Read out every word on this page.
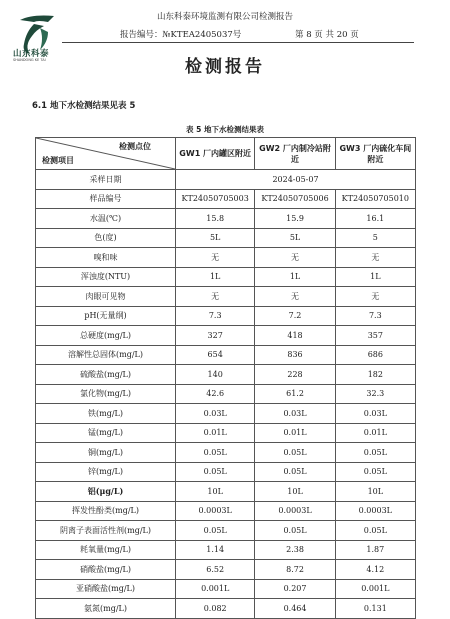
山东科泰
SHANDONG KE TAI
山东科泰环境监测有限公司检测报告
报告编号：№KTEA2405037号	第 8 页 共 20 页
检测报告
6.1 地下水检测结果见表 5
表 5 地下水检测结果表
检测点位
检测项目	GW1 厂内罐区附近	GW2 厂内制冷站附近	GW3 厂内硫化车间附近
采样日期	2024-05-07		
样品编号	KT24050705003	KT24050705006	KT24050705010
水温(℃)	15.8	15.9	16.1
色(度)	5L	5L	5
嗅和味	无	无	无
浑浊度(NTU)	1L	1L	1L
肉眼可见物	无	无	无
pH(无量纲)	7.3	7.2	7.3
总硬度(mg/L)	327	418	357
溶解性总固体(mg/L)	654	836	686
硫酸盐(mg/L)	140	228	182
氯化物(mg/L)	42.6	61.2	32.3
铁(mg/L)	0.03L	0.03L	0.03L
锰(mg/L)	0.01L	0.01L	0.01L
铜(mg/L)	0.05L	0.05L	0.05L
锌(mg/L)	0.05L	0.05L	0.05L
铝(μg/L)	10L	10L	10L
挥发性酚类(mg/L)	0.0003L	0.0003L	0.0003L
阴离子表面活性剂(mg/L)	0.05L	0.05L	0.05L
耗氧量(mg/L)	1.14	2.38	1.87
硝酸盐(mg/L)	6.52	8.72	4.12
亚硝酸盐(mg/L)	0.001L	0.207	0.001L
氨氮(mg/L)	0.082	0.464	0.131
